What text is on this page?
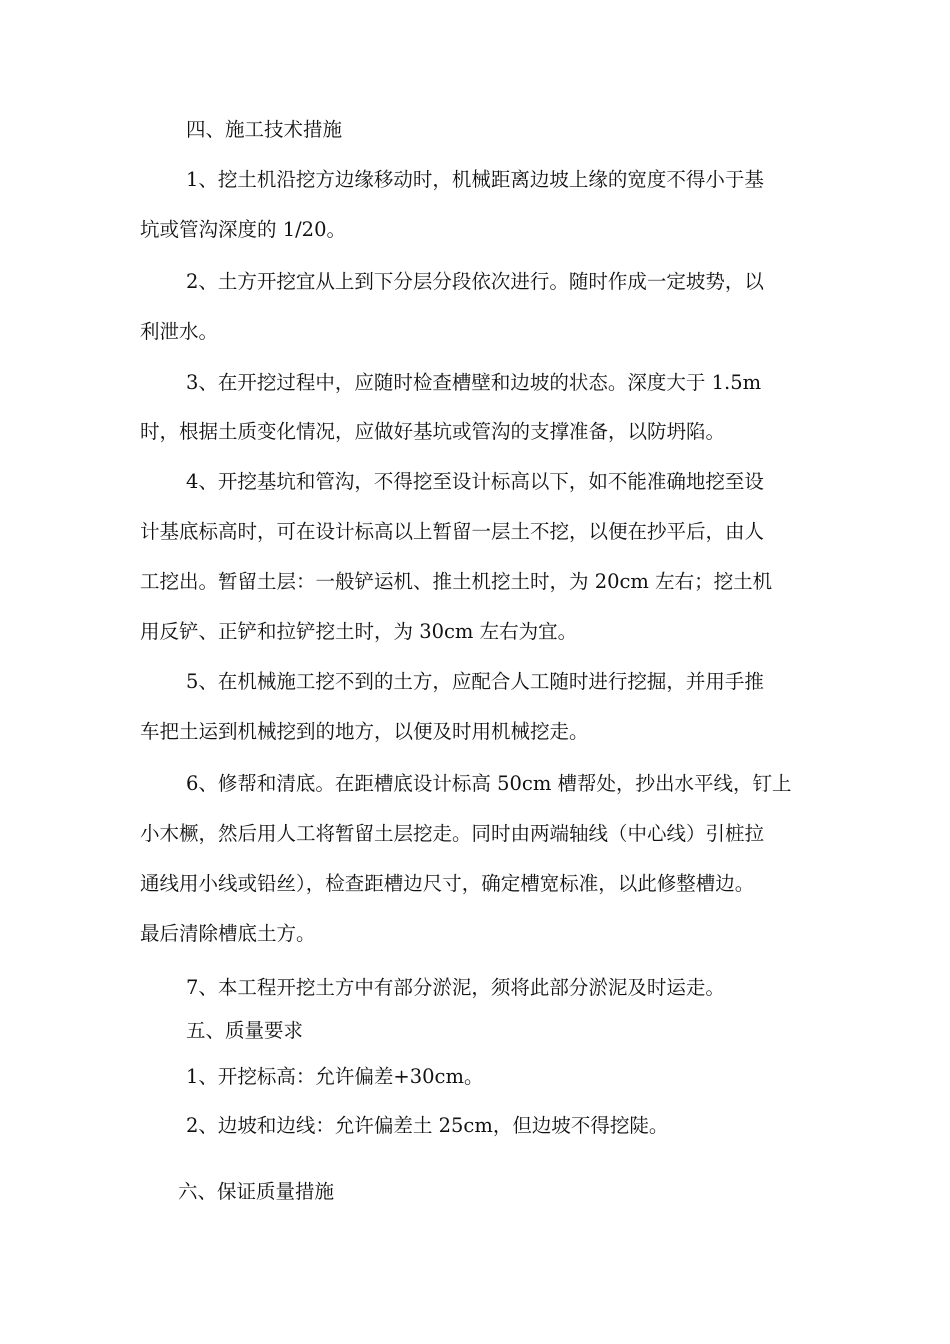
四、施工技术措施
1、挖土机沿挖方边缘移动时，机械距离边坡上缘的宽度不得小于基
坑或管沟深度的 1/20。
2、土方开挖宜从上到下分层分段依次进行。随时作成一定坡势，以
利泄水。
3、在开挖过程中，应随时检查槽壁和边坡的状态。深度大于 1.5m
时，根据土质变化情况，应做好基坑或管沟的支撑准备，以防坍陷。
4、开挖基坑和管沟，不得挖至设计标高以下，如不能准确地挖至设
计基底标高时，可在设计标高以上暂留一层土不挖，以便在抄平后，由人
工挖出。暂留土层：一般铲运机、推土机挖土时，为 20cm 左右；挖土机
用反铲、正铲和拉铲挖土时，为 30cm 左右为宜。
5、在机械施工挖不到的土方，应配合人工随时进行挖掘，并用手推
车把土运到机械挖到的地方，以便及时用机械挖走。
6、修帮和清底。在距槽底设计标高 50cm 槽帮处，抄出水平线，钉上
小木橛，然后用人工将暂留土层挖走。同时由两端轴线（中心线）引桩拉
通线用小线或铅丝），检查距槽边尺寸，确定槽宽标准，以此修整槽边。
最后清除槽底土方。
7、本工程开挖土方中有部分淤泥，须将此部分淤泥及时运走。
五、质量要求
1、开挖标高：允许偏差+30cm。
2、边坡和边线：允许偏差土 25cm，但边坡不得挖陡。
六、保证质量措施
